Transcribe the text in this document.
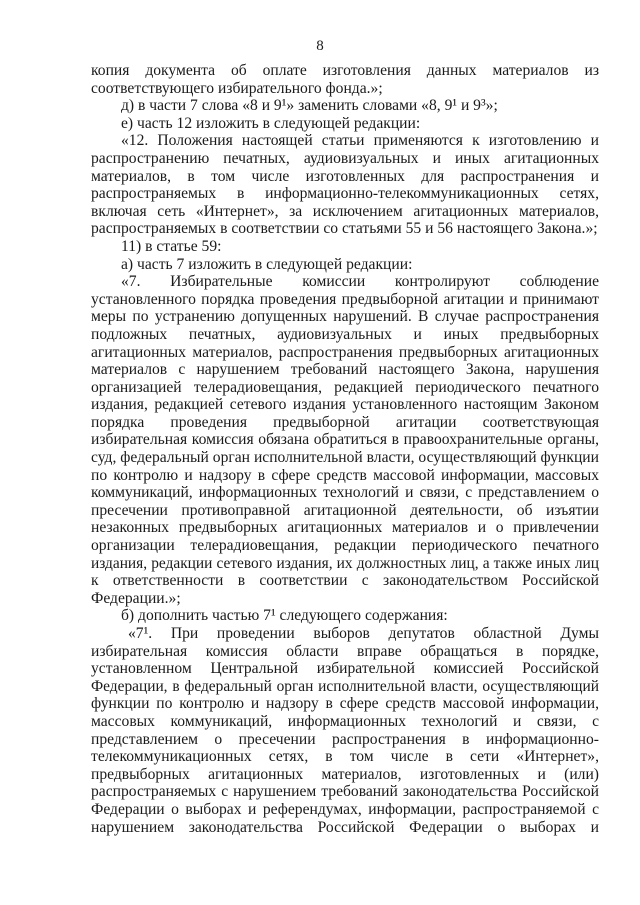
8
копия документа об оплате изготовления данных материалов из
соответствующего избирательного фонда.»;
д) в части 7 слова «8 и 9¹» заменить словами «8, 9¹ и 9³»;
е) часть 12 изложить в следующей редакции:
«12. Положения настоящей статьи применяются к изготовлению и
распространению печатных, аудиовизуальных и иных агитационных
материалов, в том числе изготовленных для распространения и
распространяемых в информационно-телекоммуникационных сетях,
включая сеть «Интернет», за исключением агитационных материалов,
распространяемых в соответствии со статьями 55 и 56 настоящего Закона.»;
11) в статье 59:
а) часть 7 изложить в следующей редакции:
«7. Избирательные комиссии контролируют соблюдение
установленного порядка проведения предвыборной агитации и принимают
меры по устранению допущенных нарушений. В случае распространения
подложных печатных, аудиовизуальных и иных предвыборных
агитационных материалов, распространения предвыборных агитационных
материалов с нарушением требований настоящего Закона, нарушения
организацией телерадиовещания, редакцией периодического печатного
издания, редакцией сетевого издания установленного настоящим Законом
порядка проведения предвыборной агитации соответствующая
избирательная комиссия обязана обратиться в правоохранительные органы,
суд, федеральный орган исполнительной власти, осуществляющий функции
по контролю и надзору в сфере средств массовой информации, массовых
коммуникаций, информационных технологий и связи, с представлением о
пресечении противоправной агитационной деятельности, об изъятии
незаконных предвыборных агитационных материалов и о привлечении
организации телерадиовещания, редакции периодического печатного
издания, редакции сетевого издания, их должностных лиц, а также иных лиц
к ответственности в соответствии с законодательством Российской
Федерации.»;
б) дополнить частью 7¹ следующего содержания:
«7¹. При проведении выборов депутатов областной Думы
избирательная комиссия области вправе обращаться в порядке,
установленном Центральной избирательной комиссией Российской
Федерации, в федеральный орган исполнительной власти, осуществляющий
функции по контролю и надзору в сфере средств массовой информации,
массовых коммуникаций, информационных технологий и связи, с
представлением о пресечении распространения в информационно-
телекоммуникационных сетях, в том числе в сети «Интернет»,
предвыборных агитационных материалов, изготовленных и (или)
распространяемых с нарушением требований законодательства Российской
Федерации о выборах и референдумах, информации, распространяемой с
нарушением законодательства Российской Федерации о выборах и
